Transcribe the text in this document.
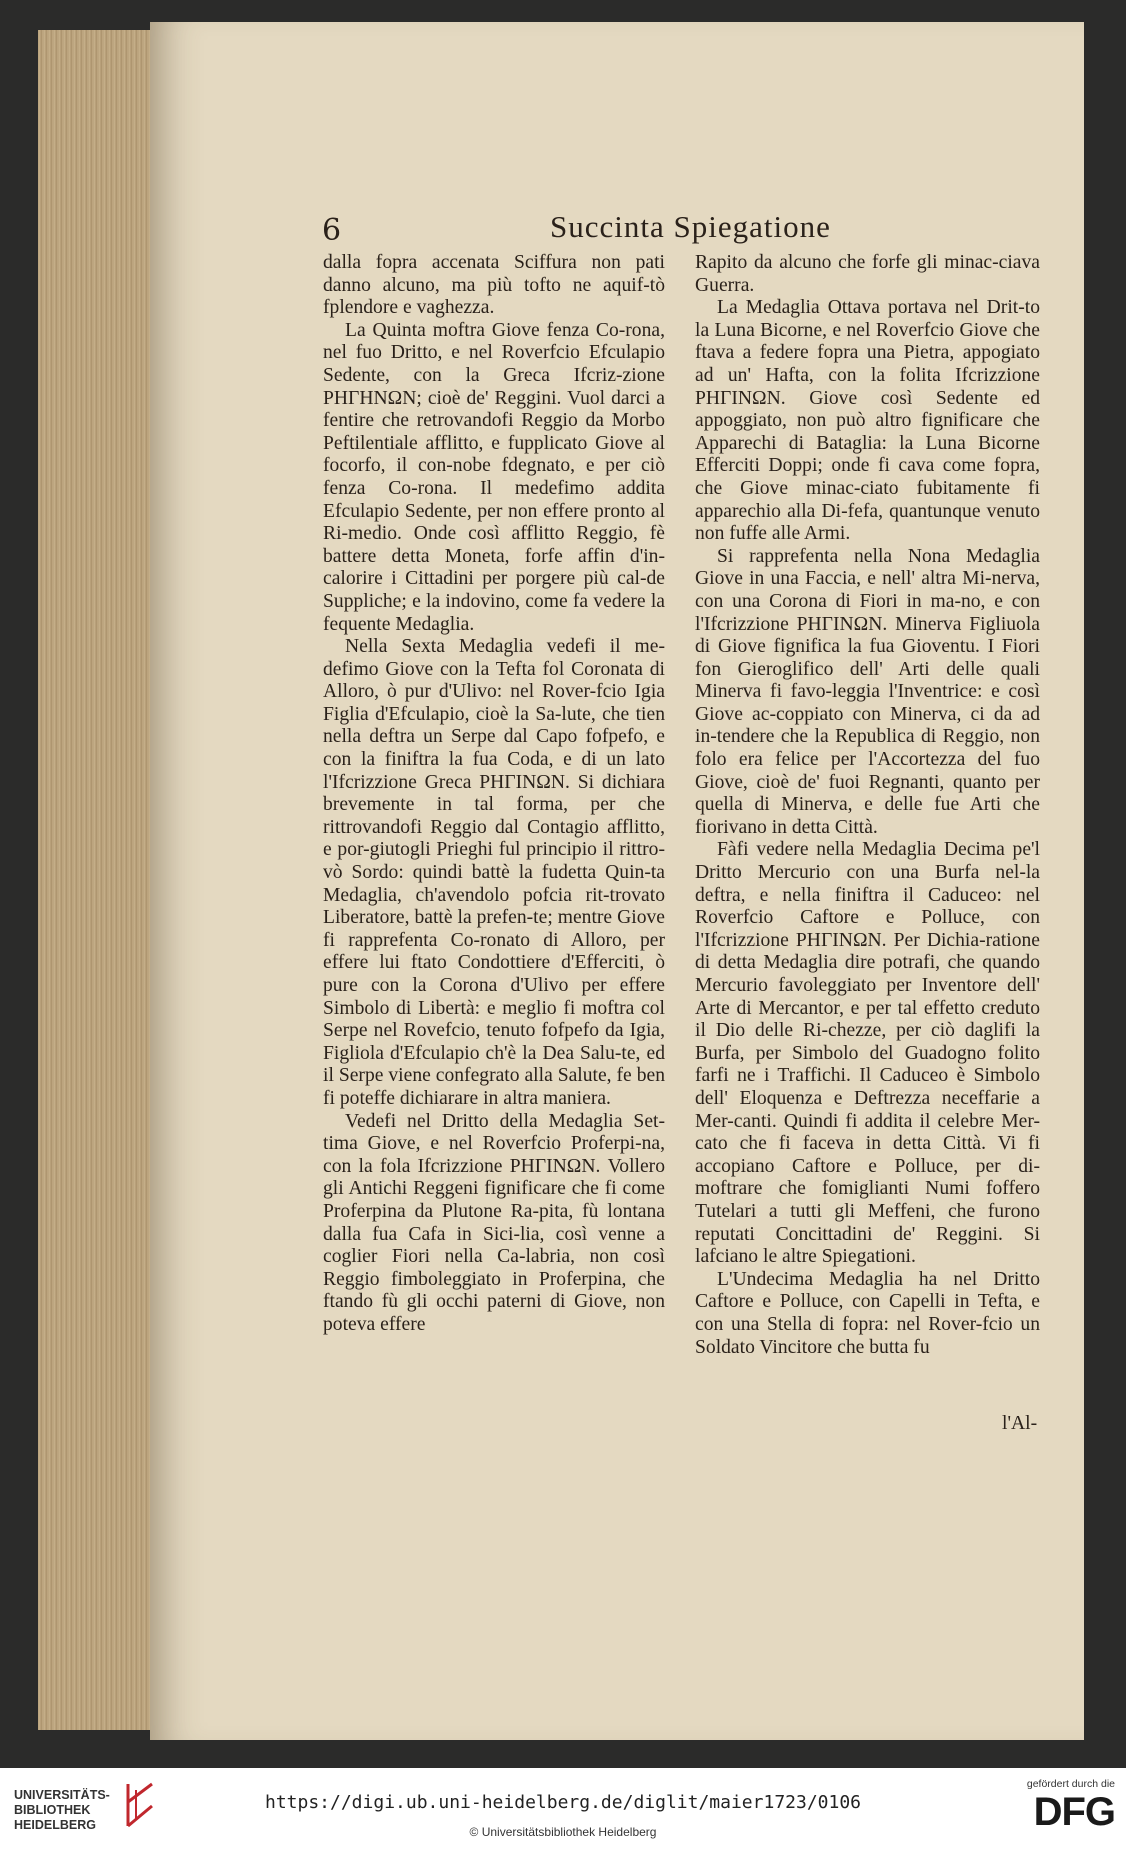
6	Succinta Spiegatione

dalla fopra accenata Sciffura non pati danno alcuno, ma più tofto ne aquif-tò fplendore e vaghezza.

La Quinta moftra Giove fenza Co-rona, nel fuo Dritto, e nel Roverfcio Efculapio Sedente, con la Greca Ifcriz-zione ΡΗΓΗΝΩΝ; cioè de' Reggini. Vuol darci a fentire che retrovandofi Reggio da Morbo Peftilentiale afflitto, e fupplicato Giove al focorfo, il con-nobe fdegnato, e per ciò fenza Co-rona. Il medefimo addita Efculapio Sedente, per non effere pronto al Ri-medio. Onde così afflitto Reggio, fè battere detta Moneta, forfe affin d'in-calorire i Cittadini per porgere più cal-de Suppliche; e la indovino, come fa vedere la fequente Medaglia.

Nella Sexta Medaglia vedefi il me-defimo Giove con la Tefta fol Coronata di Alloro, ò pur d'Ulivo: nel Rover-fcio Igia Figlia d'Efculapio, cioè la Sa-lute, che tien nella deftra un Serpe dal Capo fofpefo, e con la finiftra la fua Coda, e di un lato l'Ifcrizzione Greca ΡΗΓΙΝΩΝ. Si dichiara brevemente in tal forma, per che rittrovandofi Reggio dal Contagio afflitto, e por-giutogli Prieghi ful principio il rittro-vò Sordo: quindi battè la fudetta Quin-ta Medaglia, ch'avendolo pofcia rit-trovato Liberatore, battè la prefen-te; mentre Giove fi rapprefenta Co-ronato di Alloro, per effere lui ftato Condottiere d'Efferciti, ò pure con la Corona d'Ulivo per effere Simbolo di Libertà: e meglio fi moftra col Serpe nel Rovefcio, tenuto fofpefo da Igia, Figliola d'Efculapio ch'è la Dea Salu-te, ed il Serpe viene confegrato alla Salute, fe ben fi poteffe dichiarare in altra maniera.

Vedefi nel Dritto della Medaglia Set-tima Giove, e nel Roverfcio Proferpi-na, con la fola Ifcrizzione ΡΗΓΙΝΩΝ. Vollero gli Antichi Reggeni fignificare che fi come Proferpina da Plutone Ra-pita, fù lontana dalla fua Cafa in Sici-lia, così venne a coglier Fiori nella Ca-labria, non così Reggio fimboleggiato in Proferpina, che ftando fù gli occhi paterni di Giove, non poteva effere

Rapito da alcuno che forfe gli minac-ciava Guerra.

La Medaglia Ottava portava nel Drit-to la Luna Bicorne, e nel Roverfcio Giove che ftava a federe fopra una Pietra, appogiato ad un' Hafta, con la folita Ifcrizzione ΡΗΓΙΝΩΝ. Giove così Sedente ed appoggiato, non può altro fignificare che Apparechi di Bataglia: la Luna Bicorne Efferciti Doppi; onde fi cava come fopra, che Giove minac-ciato fubitamente fi apparechio alla Di-fefa, quantunque venuto non fuffe alle Armi.

Si rapprefenta nella Nona Medaglia Giove in una Faccia, e nell' altra Mi-nerva, con una Corona di Fiori in ma-no, e con l'Ifcrizzione ΡΗΓΙΝΩΝ. Minerva Figliuola di Giove fignifica la fua Gioventu. I Fiori fon Gieroglifico dell' Arti delle quali Minerva fi favo-leggia l'Inventrice: e così Giove ac-coppiato con Minerva, ci da ad in-tendere che la Republica di Reggio, non folo era felice per l'Accortezza del fuo Giove, cioè de' fuoi Regnanti, quanto per quella di Minerva, e delle fue Arti che fiorivano in detta Città.

Fàfi vedere nella Medaglia Decima pe'l Dritto Mercurio con una Burfa nel-la deftra, e nella finiftra il Caduceo: nel Roverfcio Caftore e Polluce, con l'Ifcrizzione ΡΗΓΙΝΩΝ. Per Dichia-ratione di detta Medaglia dire potrafi, che quando Mercurio favoleggiato per Inventore dell' Arte di Mercantor, e per tal effetto creduto il Dio delle Ri-chezze, per ciò daglifi la Burfa, per Simbolo del Guadogno folito farfi ne i Traffichi. Il Caduceo è Simbolo dell' Eloquenza e Deftrezza neceffarie a Mer-canti. Quindi fi addita il celebre Mer-cato che fi faceva in detta Città. Vi fi accopiano Caftore e Polluce, per di-moftrare che fomiglianti Numi foffero Tutelari a tutti gli Meffeni, che furono reputati Concittadini de' Reggini. Si lafciano le altre Spiegationi.

L'Undecima Medaglia ha nel Dritto Caftore e Polluce, con Capelli in Tefta, e con una Stella di fopra: nel Rover-fcio un Soldato Vincitore che butta fu

l'Al-
UNIVERSITÄTS-
BIBLIOTHEK
HEIDELBERG
https://digi.ub.uni-heidelberg.de/diglit/maier1723/0106
© Universitätsbibliothek Heidelberg
gefördert durch die
DFG
